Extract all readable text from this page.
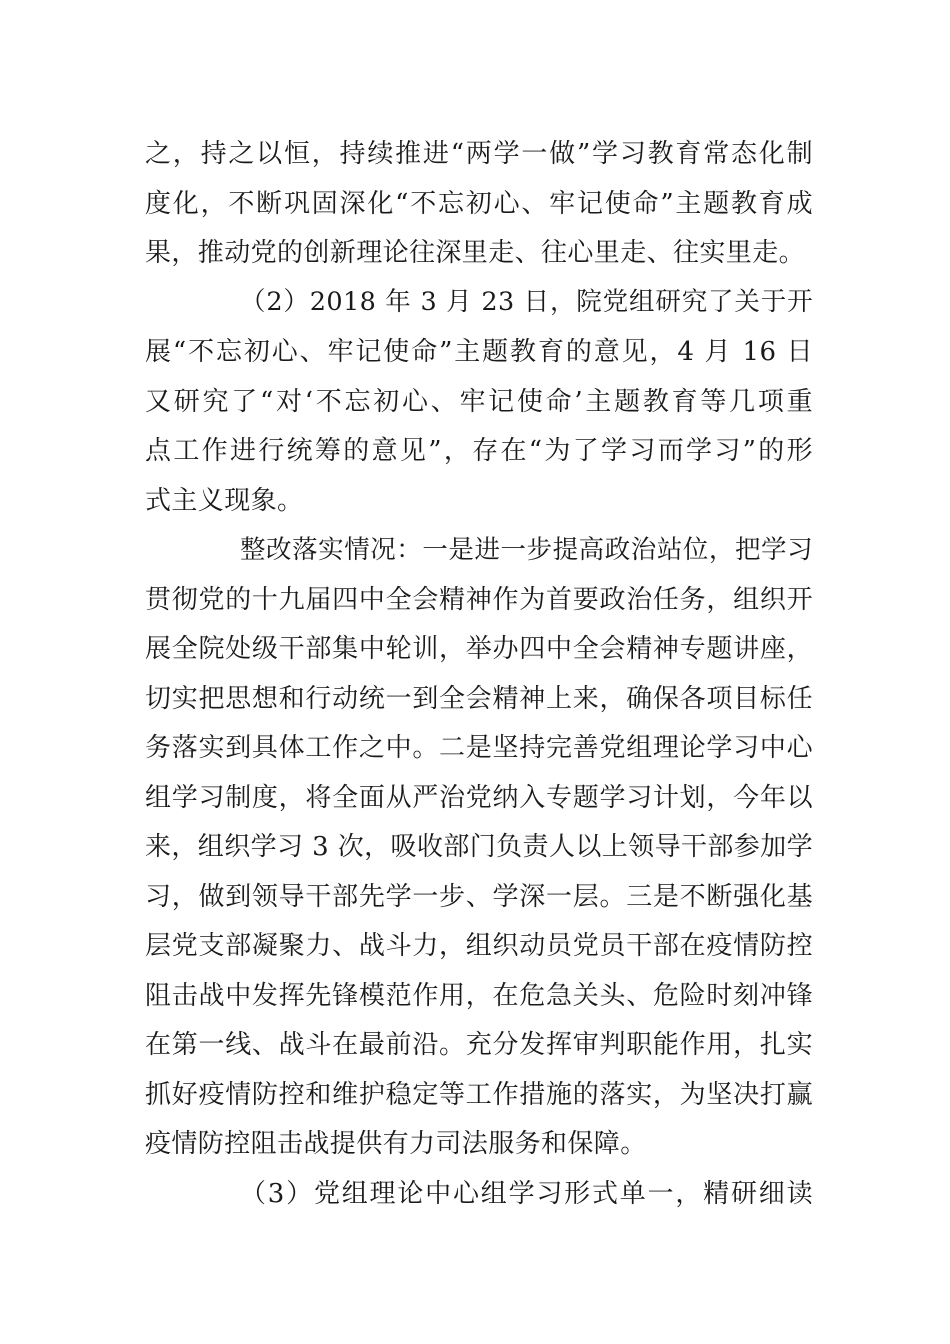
之，持之以恒，持续推进“两学一做”学习教育常态化制
度化，不断巩固深化“不忘初心、牢记使命”主题教育成
果，推动党的创新理论往深里走、往心里走、往实里走。
（2）2018 年 3 月 23 日，院党组研究了关于开
展“不忘初心、牢记使命”主题教育的意见，4 月 16 日
又研究了“对‘不忘初心、牢记使命’主题教育等几项重
点工作进行统筹的意见”，存在“为了学习而学习”的形
式主义现象。
整改落实情况：一是进一步提高政治站位，把学习
贯彻党的十九届四中全会精神作为首要政治任务，组织开
展全院处级干部集中轮训，举办四中全会精神专题讲座，
切实把思想和行动统一到全会精神上来，确保各项目标任
务落实到具体工作之中。二是坚持完善党组理论学习中心
组学习制度，将全面从严治党纳入专题学习计划，今年以
来，组织学习 3 次，吸收部门负责人以上领导干部参加学
习，做到领导干部先学一步、学深一层。三是不断强化基
层党支部凝聚力、战斗力，组织动员党员干部在疫情防控
阻击战中发挥先锋模范作用，在危急关头、危险时刻冲锋
在第一线、战斗在最前沿。充分发挥审判职能作用，扎实
抓好疫情防控和维护稳定等工作措施的落实，为坚决打赢
疫情防控阻击战提供有力司法服务和保障。
（3）党组理论中心组学习形式单一，精研细读
